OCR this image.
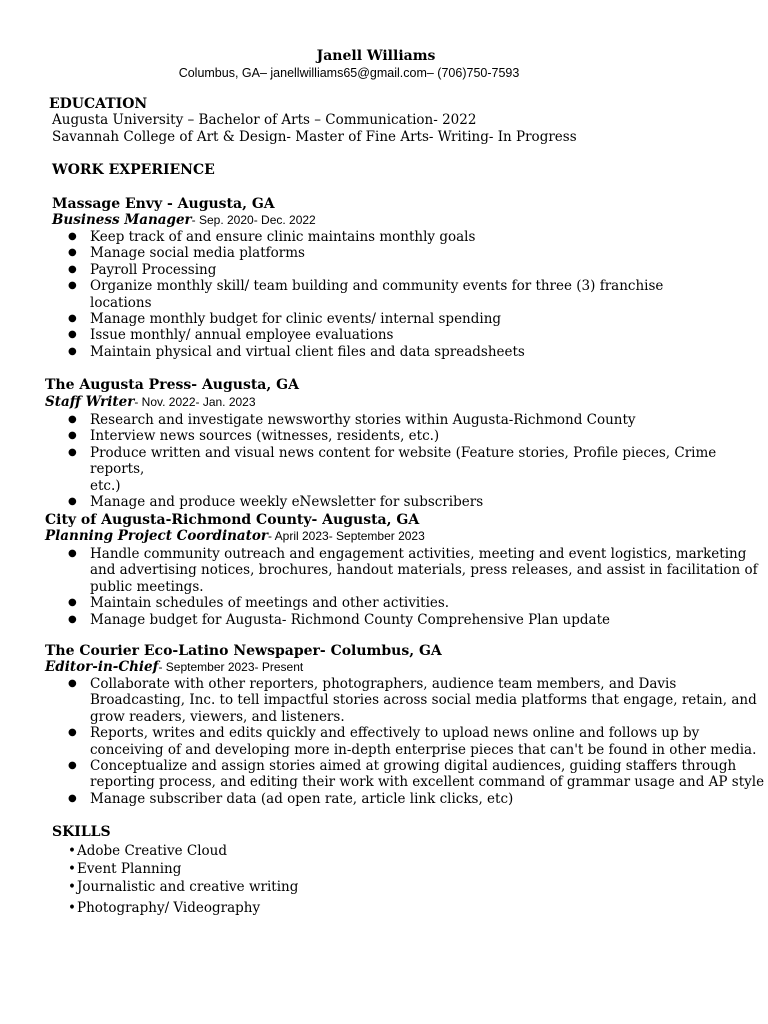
Janell Williams
Columbus, GA– janellwilliams65@gmail.com– (706)750-7593
EDUCATION
Augusta University – Bachelor of Arts – Communication- 2022
Savannah College of Art & Design- Master of Fine Arts- Writing- In Progress
WORK EXPERIENCE
Massage Envy - Augusta, GA
Business Manager- Sep. 2020- Dec. 2022
● Keep track of and ensure clinic maintains monthly goals
● Manage social media platforms
● Payroll Processing
● Organize monthly skill/ team building and community events for three (3) franchise
locations
● Manage monthly budget for clinic events/ internal spending
● Issue monthly/ annual employee evaluations
● Maintain physical and virtual client files and data spreadsheets
The Augusta Press- Augusta, GA
Staff Writer- Nov. 2022- Jan. 2023
● Research and investigate newsworthy stories within Augusta-Richmond County
● Interview news sources (witnesses, residents, etc.)
● Produce written and visual news content for website (Feature stories, Profile pieces, Crime reports,
etc.)
● Manage and produce weekly eNewsletter for subscribers
City of Augusta-Richmond County- Augusta, GA
Planning Project Coordinator- April 2023- September 2023
● Handle community outreach and engagement activities, meeting and event logistics, marketing
and advertising notices, brochures, handout materials, press releases, and assist in facilitation of
public meetings.
● Maintain schedules of meetings and other activities.
● Manage budget for Augusta- Richmond County Comprehensive Plan update
The Courier Eco-Latino Newspaper- Columbus, GA
Editor-in-Chief- September 2023- Present
● Collaborate with other reporters, photographers, audience team members, and Davis
Broadcasting, Inc. to tell impactful stories across social media platforms that engage, retain, and
grow readers, viewers, and listeners.
● Reports, writes and edits quickly and effectively to upload news online and follows up by
conceiving of and developing more in-depth enterprise pieces that can't be found in other media.
● Conceptualize and assign stories aimed at growing digital audiences, guiding staffers through
reporting process, and editing their work with excellent command of grammar usage and AP style
● Manage subscriber data (ad open rate, article link clicks, etc)
SKILLS
• Adobe Creative Cloud
• Event Planning
• Journalistic and creative writing
• Photography/ Videography
